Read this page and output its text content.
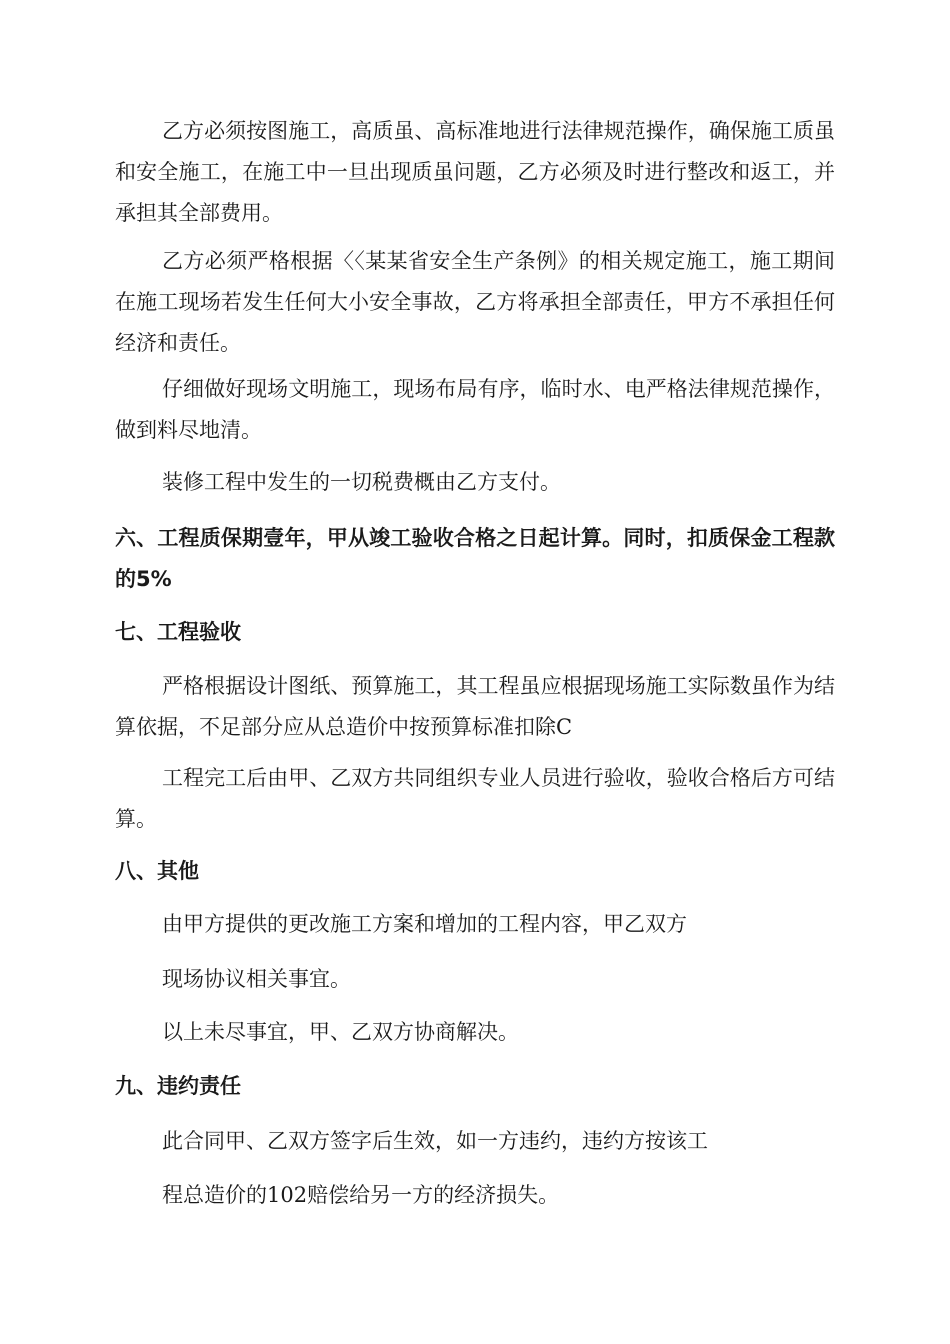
乙方必须按图施工，高质虽、高标准地进行法律规范操作，确保施工质虽和安全施工，在施工中一旦出现质虽问题，乙方必须及时进行整改和返工，并承担其全部费用。

乙方必须严格根据〈〈某某省安全生产条例》的相关规定施工，施工期间在施工现场若发生任何大小安全事故，乙方将承担全部责任，甲方不承担任何经济和责任。

仔细做好现场文明施工，现场布局有序，临时水、电严格法律规范操作，做到料尽地清。

装修工程中发生的一切税费概由乙方支付。

六、工程质保期壹年，甲从竣工验收合格之日起计算。同时，扣质保金工程款的5%

七、工程验收

严格根据设计图纸、预算施工，其工程虽应根据现场施工实际数虽作为结算依据，不足部分应从总造价中按预算标准扣除C

工程完工后由甲、乙双方共同组织专业人员进行验收，验收合格后方可结算。

八、其他

由甲方提供的更改施工方案和增加的工程内容，甲乙双方

现场协议相关事宜。

以上未尽事宜，甲、乙双方协商解决。

九、违约责任

此合同甲、乙双方签字后生效，如一方违约，违约方按该工

程总造价的102赔偿给另一方的经济损失。
